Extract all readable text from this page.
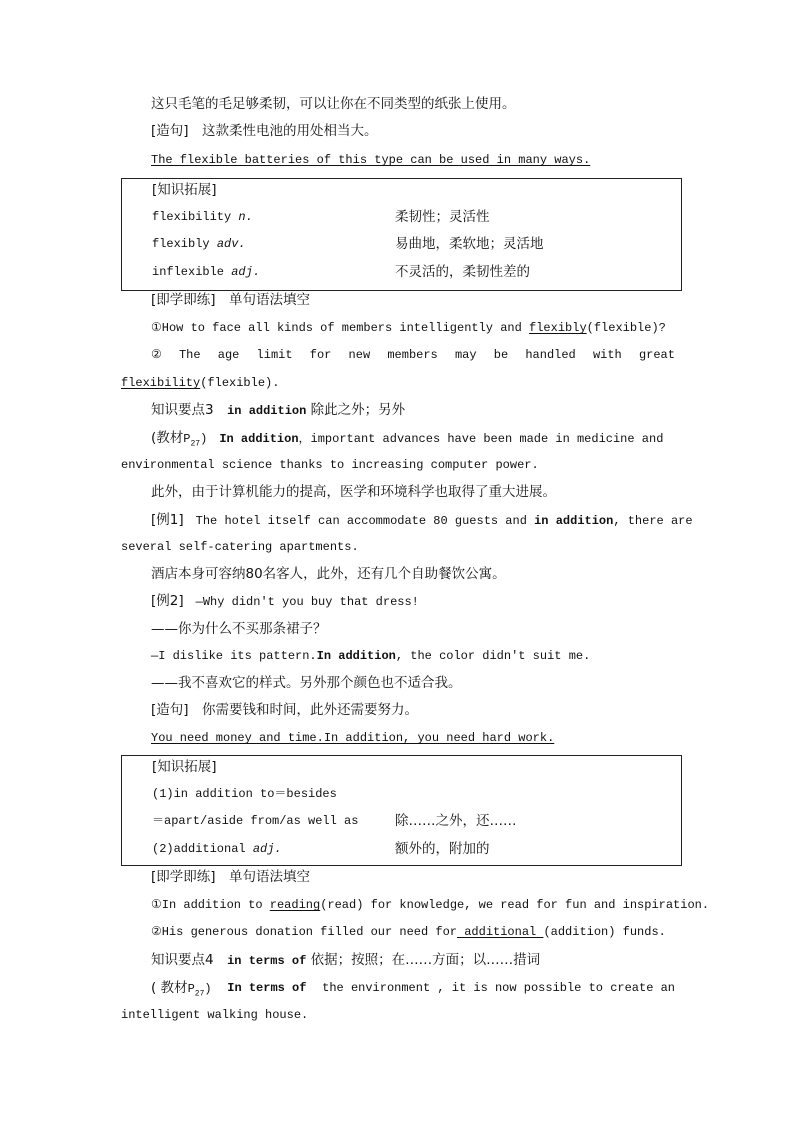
这只毛笔的毛足够柔韧，可以让你在不同类型的纸张上使用。
[造句]　 这款柔性电池的用处相当大。
The flexible batteries of this type can be used in many ways.
[知识拓展]
flexibility n.	柔韧性；灵活性
flexibly adv.	易曲地，柔软地；灵活地
inflexible adj.	不灵活的，柔韧性差的
[即学即练]　单句语法填空
①How to face all kinds of members intelligently and flexibly(flexible)?
② The age limit for new members may be handled with great
flexibility(flexible).
知识要点3　 in addition 除此之外；另外
(教材$P_{27}$)　 In addition，important advances have been made in medicine and
environmental science thanks to increasing computer power.
此外，由于计算机能力的提高，医学和环境科学也取得了重大进展。
[例1]　 The hotel itself can accommodate 80 guests and in addition, there are
several self-catering apartments.
酒店本身可容纳80名客人，此外，还有几个自助餐饮公寓。
[例2]　 —Why didn't you buy that dress!
——你为什么不买那条裙子？
—I dislike its pattern.In addition, the color didn't suit me.
——我不喜欢它的样式。另外那个颜色也不适合我。
[造句]　 你需要钱和时间，此外还需要努力。
You need money and time.In addition, you need hard work.
[知识拓展]
(1)in addition to＝besides
＝apart/aside from/as well as	除……之外，还……
(2)additional adj.	额外的，附加的
[即学即练]　单句语法填空
①In addition to reading(read) for knowledge, we read for fun and inspiration.
②His generous donation filled our need for additional (addition) funds.
知识要点4　 in terms of 依据；按照；在……方面；以……措词
( 教材$P_{27}$) In terms of the environment , it is now possible to create an
intelligent walking house.
